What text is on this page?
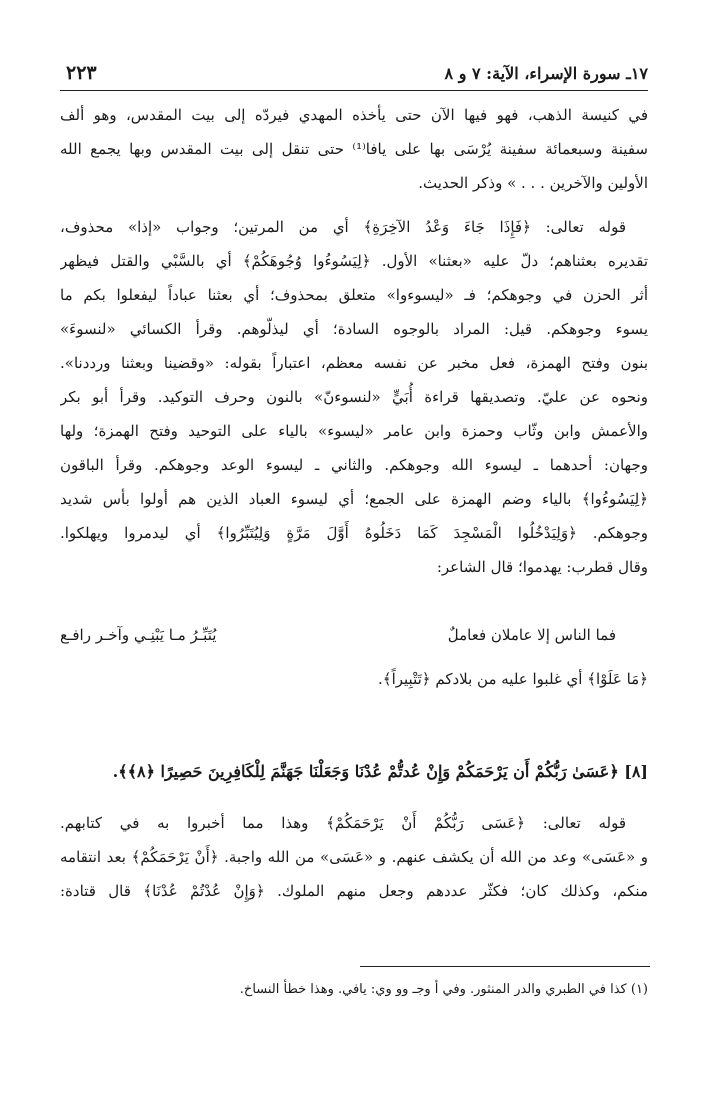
١٧ـ سورة الإسراء، الآية: ٧ و ٨
٢٢٣
في كنيسة الذهب، فهو فيها الآن حتى يأخذه المهدي فيردّه إلى بيت المقدس، وهو ألف
سفينة وسبعمائة سفينة يُرْسَى بها على يافا⁽¹⁾ حتى تنقل إلى بيت المقدس وبها يجمع الله
الأولين والآخرين . . . » وذكر الحديث.
قوله تعالى: ﴿فَإِذَا جَاءَ وَعْدُ الآخِرَةِ﴾ أي من المرتين؛ وجواب «إذا» محذوف،
تقديره بعثناهم؛ دلّ عليه «بعثنا» الأول. ﴿لِيَسُوءُوا وُجُوهَكُمْ﴾ أي بالسَّبْي والقتل فيظهر
أثر الحزن في وجوهكم؛ فـ «ليسوءوا» متعلق بمحذوف؛ أي بعثنا عباداً ليفعلوا بكم ما
يسوء وجوهكم. قيل: المراد بالوجوه السادة؛ أي ليذلّوهم. وقرأ الكسائي «لنسوءَ»
بنون وفتح الهمزة، فعل مخبر عن نفسه معظم، اعتباراً بقوله: «وقضينا وبعثنا ورددنا».
ونحوه عن عليّ. وتصديقها قراءة أُبَيٍّ «لنسوءنّ» بالنون وحرف التوكيد. وقرأ أبو بكر
والأعمش وابن وثّاب وحمزة وابن عامر «ليسوء» بالياء على التوحيد وفتح الهمزة؛ ولها
وجهان: أحدهما ـ ليسوء الله وجوهكم. والثاني ـ ليسوء الوعد وجوهكم. وقرأ الباقون
﴿لِيَسُوءُوا﴾ بالياء وضم الهمزة على الجمع؛ أي ليسوء العباد الذين هم أولوا بأس شديد
وجوهكم. ﴿وَلِيَدْخُلُوا الْمَسْجِدَ كَمَا دَخَلُوهُ أَوَّلَ مَرَّةٍ وَلِيُتَبِّرُوا﴾ أي ليدمروا ويهلكوا.
وقال قطرب: يهدموا؛ قال الشاعر:
فما الناس إلا عاملان فعاملٌ
يُتَبِّـرُ مـا يَبْنِـي وآخـر رافـع
﴿مَا عَلَوْا﴾ أي غلبوا عليه من بلادكم ﴿تَتْبِيراً﴾.
[٨] ﴿عَسَىٰ رَبُّكُمْ أَن يَرْحَمَكُمْ وَإِنْ عُدتُّمْ عُدْنَا وَجَعَلْنَا جَهَنَّمَ لِلْكَافِرِينَ حَصِيرًا ﴿٨﴾﴾.
قوله تعالى: ﴿عَسَى رَبُّكُمْ أَنْ يَرْحَمَكُمْ﴾ وهذا مما أخبروا به في كتابهم.
و «عَسَى» وعد من الله أن يكشف عنهم. و «عَسَى» من الله واجبة. ﴿أَنْ يَرْحَمَكُمْ﴾ بعد انتقامه
منكم، وكذلك كان؛ فكثّر عددهم وجعل منهم الملوك. ﴿وَإِنْ عُدْتُمْ عُدْنَا﴾ قال قتادة:
(١) كذا في الطبري والدر المنثور. وفي أ وجـ وو وي: يافي. وهذا خطأ النساخ.
